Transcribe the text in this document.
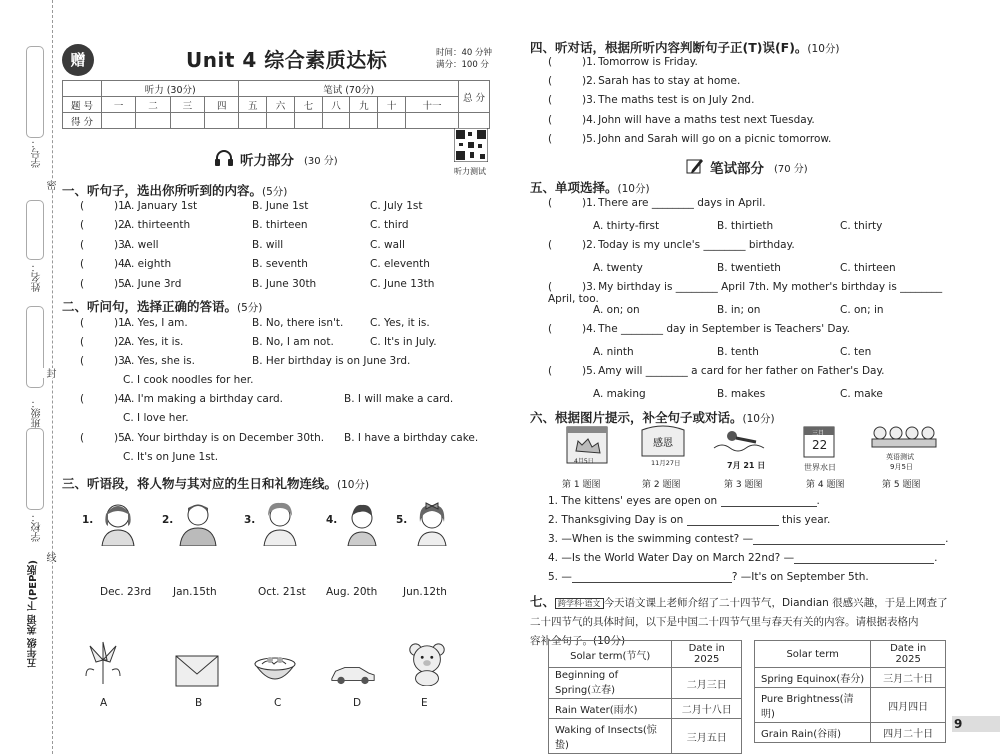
学号：
密
姓名：
封
班级：
学校：
线
五年级 英语 下(PEP版)
赠	Unit 4 综合素质达标	时间：40 分钟
满分：100 分
	听力 (30分)				笔试 (70分)							总 分
题 号	一	二	三	四	五	六	七	八	九	十	十一	
得 分												
听力测试
听力部分 (30 分)
一、听句子，选出你所听到的内容。(5分)
(	)1.
A. January 1st	B. June 1st	C. July 1st
(	)2.
A. thirteenth	B. thirteen	C. third
(	)3.
A. well	B. will	C. wall
(	)4.
A. eighth	B. seventh	C. eleventh
(	)5.
A. June 3rd	B. June 30th	C. June 13th
二、听问句，选择正确的答语。(5分)
(	)1.
A. Yes, I am.	B. No, there isn't.	C. Yes, it is.
(	)2.
A. Yes, it is.	B. No, I am not.	C. It's in July.
(	)3.
A. Yes, she is.	B. Her birthday is on June 3rd.
C. I cook noodles for her.
(	)4.
A. I'm making a birthday card.	B. I will make a card.
C. I love her.
(	)5.
A. Your birthday is on December 30th.	B. I have a birthday cake.
C. It's on June 1st.
三、听语段，将人物与其对应的生日和礼物连线。(10分)
1.	2.	3.	4.	5.
Dec. 23rd Jan.15th	Oct. 21st Aug. 20th Jun.12th
A	B	C	D	E
四、听对话，根据所听内容判断句子正(T)误(F)。(10分)
(	)1. Tomorrow is Friday.
(	)2. Sarah has to stay at home.
(	)3. The maths test is on July 2nd.
(	)4. John will have a maths test next Tuesday.
(	)5. John and Sarah will go on a picnic tomorrow.
笔试部分 (70 分)
五、单项选择。(10分)
(	)1. There are ________ days in April.
A. thirty-first	B. thirtieth	C. thirty
(	)2. Today is my uncle's ________ birthday.
A. twenty	B. twentieth	C. thirteen
(	)3. My birthday is ________ April 7th. My mother's birthday is ________ April, too.
A. on; on	B. in; on	C. on; in
(	)4. The ________ day in September is Teachers' Day.
A. ninth	B. tenth	C. ten
(	)5. Amy will ________ a card for her father on Father's Day.
A. making	B. makes	C. make
六、根据图片提示，补全句子或对话。(10分)
4月5日
感恩
11月27日	7月 21 日
三月
22
世界水日
英语测试
9月5日
第 1 题图	第 2 题图	第 3 题图	第 4 题图	第 5 题图
1. The kittens' eyes are open on	.
2. Thanksgiving Day is on	this year.
3. —When is the swimming contest? —	.
4. —Is the World Water Day on March 22nd? —	.
5. —	? —It's on September 5th.
七、 跨学科·语文 今天语文课上老师介绍了二十四节气，Diandian 很感兴趣，于是上网查了
二十四节气的具体时间，以下是中国二十四节气里与春天有关的内容。请根据表格内
容补全句子。(10分)
Solar term(节气)	Date in 2025
Beginning of Spring(立春)	二月三日
Rain Water(雨水)	二月十八日
Waking of Insects(惊蛰)	三月五日
Solar term	Date in 2025
Spring Equinox(春分)	三月二十日
Pure Brightness(清明)	四月四日
Grain Rain(谷雨)	四月二十日
9
